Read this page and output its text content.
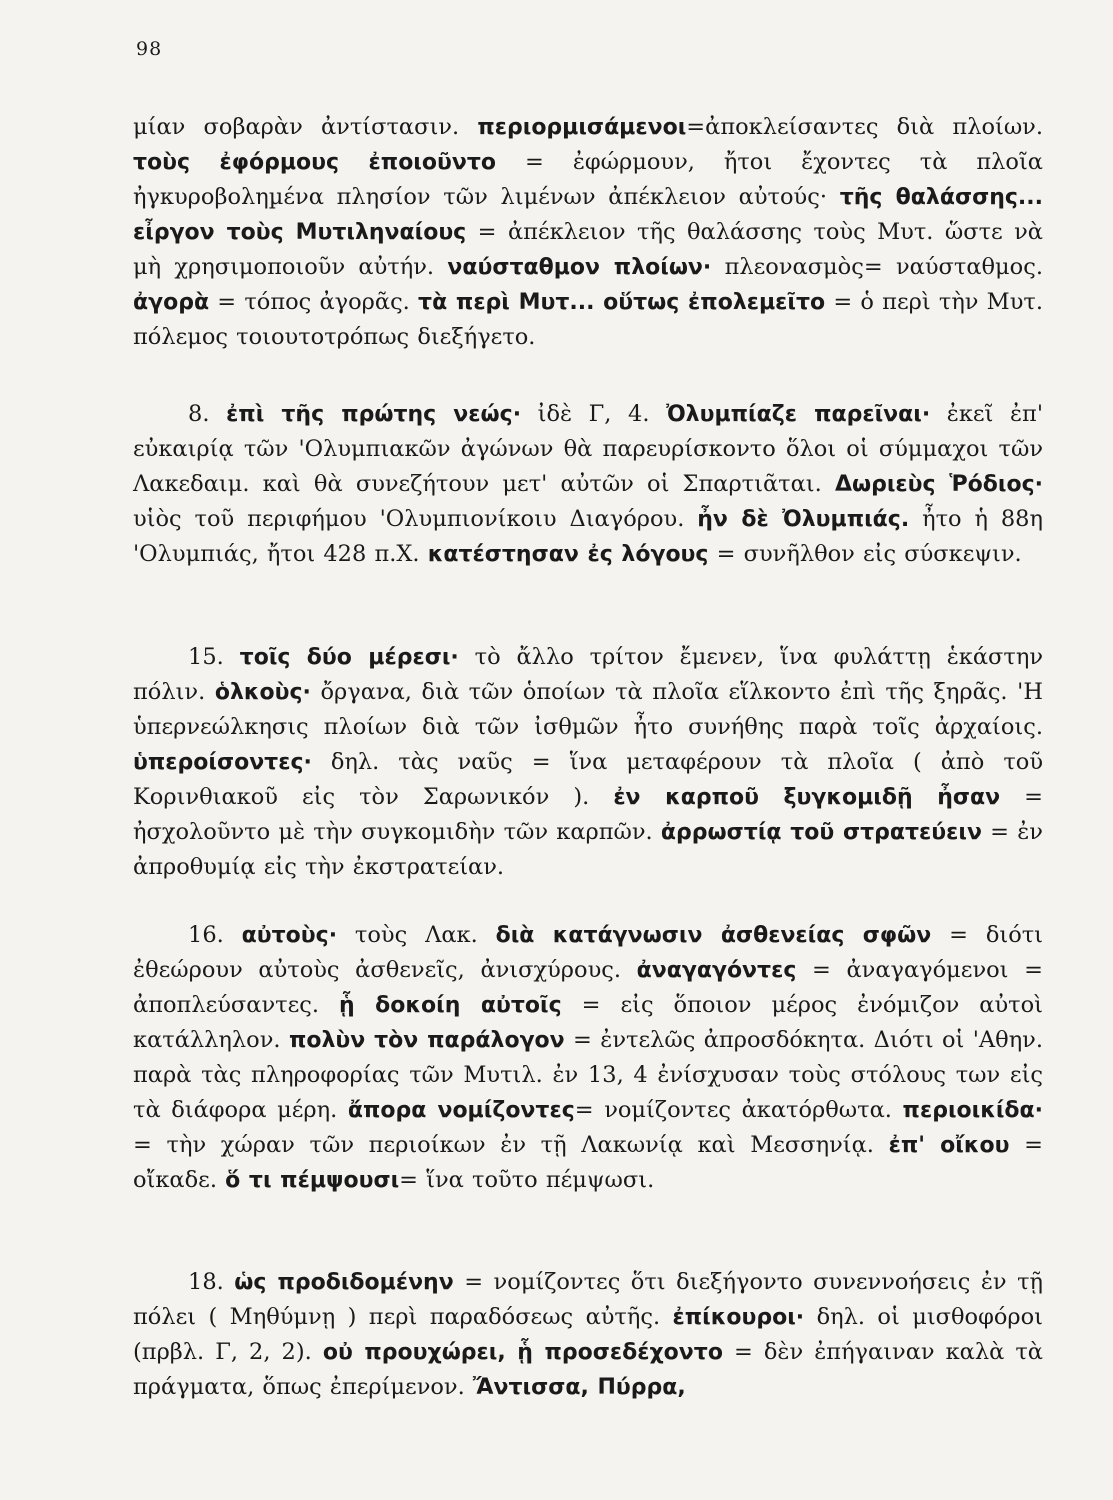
98

μίαν σοβαρὰν ἀντίστασιν. περιορμισάμενοι=ἀποκλείσαντες διὰ πλοίων. τοὺς ἐφόρμους ἐποιοῦντο = ἐφώρμουν, ἤτοι ἔχοντες τὰ πλοῖα ἠγκυροβοληµένα πλησίον τῶν λιμένων ἀπέκλειον αὐτούς· τῆς θαλάσσης... εἶργον τοὺς Μυτιληναίους = ἀπέκλειον τῆς θαλάσσης τοὺς Μυτ. ὥστε νὰ μὴ χρησιμοποιοῦν αὐτήν. ναύσταθμον πλοίων· πλεονασμὸς= ναύσταθμος. ἀγορὰ = τόπος ἀγορᾶς. τὰ περὶ Μυτ... οὕτως ἐπολεμεῖτο = ὁ περὶ τὴν Μυτ. πόλεμος τοιουτοτρόπως διεξήγετο.

8. ἐπὶ τῆς πρώτης νεώς· ἰδὲ Γ, 4. Ὀλυμπίαζε παρεῖναι· ἐκεῖ ἐπ' εὐκαιρίᾳ τῶν 'Ολυμπιακῶν ἀγώνων θὰ παρευρίσκοντο ὅλοι οἱ σύμμαχοι τῶν Λακεδαιμ. καὶ θὰ συνεζήτουν μετ' αὐτῶν οἱ Σπαρτιᾶται. Δωριεὺς Ῥόδιος· υἱὸς τοῦ περιφήμου 'Ολυμπιονίκοιυ Διαγόρου. ἦν δὲ Ὀλυμπιάς. ἦτο ἡ 88η 'Ολυμπιάς, ἤτοι 428 π.Χ. κατέστησαν ἐς λόγους = συνῆλθον εἰς σύσκεψιν.

15. τοῖς δύο μέρεσι· τὸ ἄλλο τρίτον ἔμενεν, ἵνα φυλάττῃ ἑκάστην πόλιν. ὁλκοὺς· ὄργανα, διὰ τῶν ὁποίων τὰ πλοῖα εἵλκοντο ἐπὶ τῆς ξηρᾶς. 'Η ὑπερνεώλκησις πλοίων διὰ τῶν ἰσθμῶν ἦτο συνήθης παρὰ τοῖς ἀρχαίοις. ὑπεροίσοντες· δηλ. τὰς ναῦς = ἵνα μεταφέρουν τὰ πλοῖα ( ἀπὸ τοῦ Κορινθιακοῦ εἰς τὸν Σαρωνικόν ). ἐν καρποῦ ξυγκομιδῇ ἦσαν = ἠσχολοῦντο μὲ τὴν συγκομιδὴν τῶν καρπῶν. ἀρρωστίᾳ τοῦ στρατεύειν = ἐν ἀπροθυμίᾳ εἰς τὴν ἐκστρατείαν.

16. αὐτοὺς· τοὺς Λακ. διὰ κατάγνωσιν ἀσθενείας σφῶν = διότι ἐθεώρουν αὐτοὺς ἀσθενεῖς, ἀνισχύρους. ἀναγαγόντες = ἀναγαγόμενοι = ἀποπλεύσαντες. ᾗ δοκοίη αὐτοῖς = εἰς ὅποιον μέρος ἐνόμιζον αὐτοὶ κατάλληλον. πολὺν τὸν παράλογον = ἐντελῶς ἀπροσδόκητα. Διότι οἱ 'Αθην. παρὰ τὰς πληροφορίας τῶν Μυτιλ. ἐν 13, 4 ἐνίσχυσαν τοὺς στόλους των εἰς τὰ διάφορα μέρη. ἄπορα νομίζοντες= νομίζοντες ἀκατόρθωτα. περιοικίδα· = τὴν χώραν τῶν περιοίκων ἐν τῇ Λακωνίᾳ καὶ Μεσσηνίᾳ. ἐπ' οἴκου = οἴκαδε. ὅ τι πέμψουσι= ἵνα τοῦτο πέμψωσι.

18. ὡς προδιδομένην = νομίζοντες ὅτι διεξήγοντο συνεννοήσεις ἐν τῇ πόλει ( Μηθύμνῃ ) περὶ παραδόσεως αὐτῆς. ἐπίκουροι· δηλ. οἱ μισθοφόροι (πρβλ. Γ, 2, 2). οὐ προυχώρει, ᾗ προσεδέχοντο = δὲν ἐπήγαιναν καλὰ τὰ πράγματα, ὅπως ἐπερίμενον. Ἄντισσα, Πύρρα,
